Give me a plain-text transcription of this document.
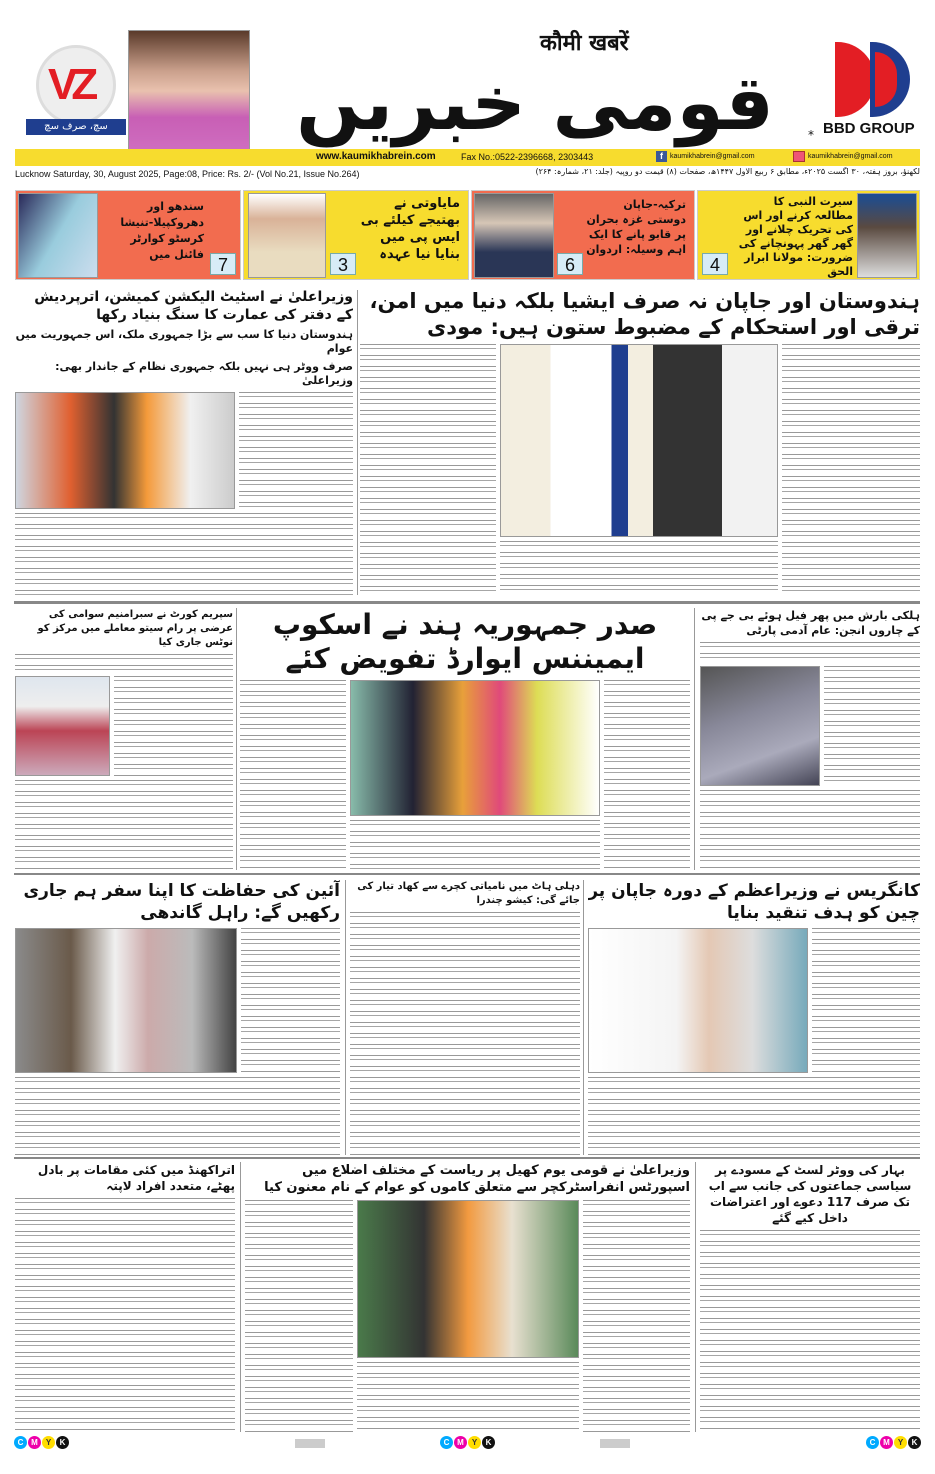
VZ
سچ، صرف سچ
कौमी खबरें
قومی خبریں	* BBD GROUP
www.kaumikhabrein.com	Fax No.:0522-2396668, 2303443	f	kaumikhabrein@gmail.com	kaumikhabrein@gmail.com
Lucknow Saturday, 30, August 2025, Page:08, Price: Rs. 2/- (Vol No.21, Issue No.264)	لکھنؤ، بروز ہفتہ، ۳۰ اگست ۲۰۲۵ء، مطابق ۶ ربیع الاول ۱۴۴۷ھ، صفحات (۸) قیمت دو روپیہ (جلد: ۲۱، شمارہ: ۲۶۴)
سیرت النبی کا مطالعہ کرنے اور اس کی تحریک چلانے اور گھر گھر پہونچانے کی ضرورت: مولانا ابرار الحق
4
ترکیہ-جاپان دوستی غزہ بحران پر قابو پانے کا ایک اہم وسیلہ: اردوان
6
مایاوتی نے بھتیجے کیلئے بی ایس پی میں بنایا نیا عہدہ
3
سندھو اور دھروکپیلا-تنیشا کرسٹو کوارٹر فائنل میں
7
ہندوستان اور جاپان نہ صرف ایشیا بلکہ دنیا میں امن، ترقی اور استحکام کے مضبوط ستون ہیں: مودی
وزیراعلیٰ نے اسٹیٹ الیکشن کمیشن، اترپردیش کے دفتر کی عمارت کا سنگ بنیاد رکھا
ہندوستان دنیا کا سب سے بڑا جمہوری ملک، اس جمہوریت میں عوام
صرف ووٹر ہی نہیں بلکہ جمہوری نظام کے جاندار بھی: وزیراعلیٰ
ہلکی بارش میں پھر فیل ہوئے بی جے پی کے چاروں انجن: عام آدمی پارٹی
صدر جمہوریہ ہند نے اسکوپ ایمیننس ایوارڈ تفویض کئے
سپریم کورٹ نے سبرامنیم سوامی کی عرضی پر رام سیتو معاملے میں مرکز کو نوٹس جاری کیا
کانگریس نے وزیراعظم کے دورہ جاپان پر چین کو ہدف تنقید بنایا
دہلی ہاٹ میں نامیاتی کچرے سے کھاد تیار کی جائے گی: کیشو چندرا
آئین کی حفاظت کا اپنا سفر ہم جاری رکھیں گے: راہل گاندھی
بہار کی ووٹر لسٹ کے مسودے پر سیاسی جماعتوں کی جانب سے اب تک صرف 117 دعوے اور اعتراضات داخل کیے گئے
وزیراعلیٰ نے قومی یوم کھیل پر ریاست کے مختلف اضلاع میں اسپورٹس انفراسٹرکچر سے متعلق کاموں کو عوام کے نام معنون کیا
اتراکھنڈ میں کئی مقامات پر بادل پھٹے، متعدد افراد لاپتہ
C M	Y	K	C M	Y	K	C M	Y	K
